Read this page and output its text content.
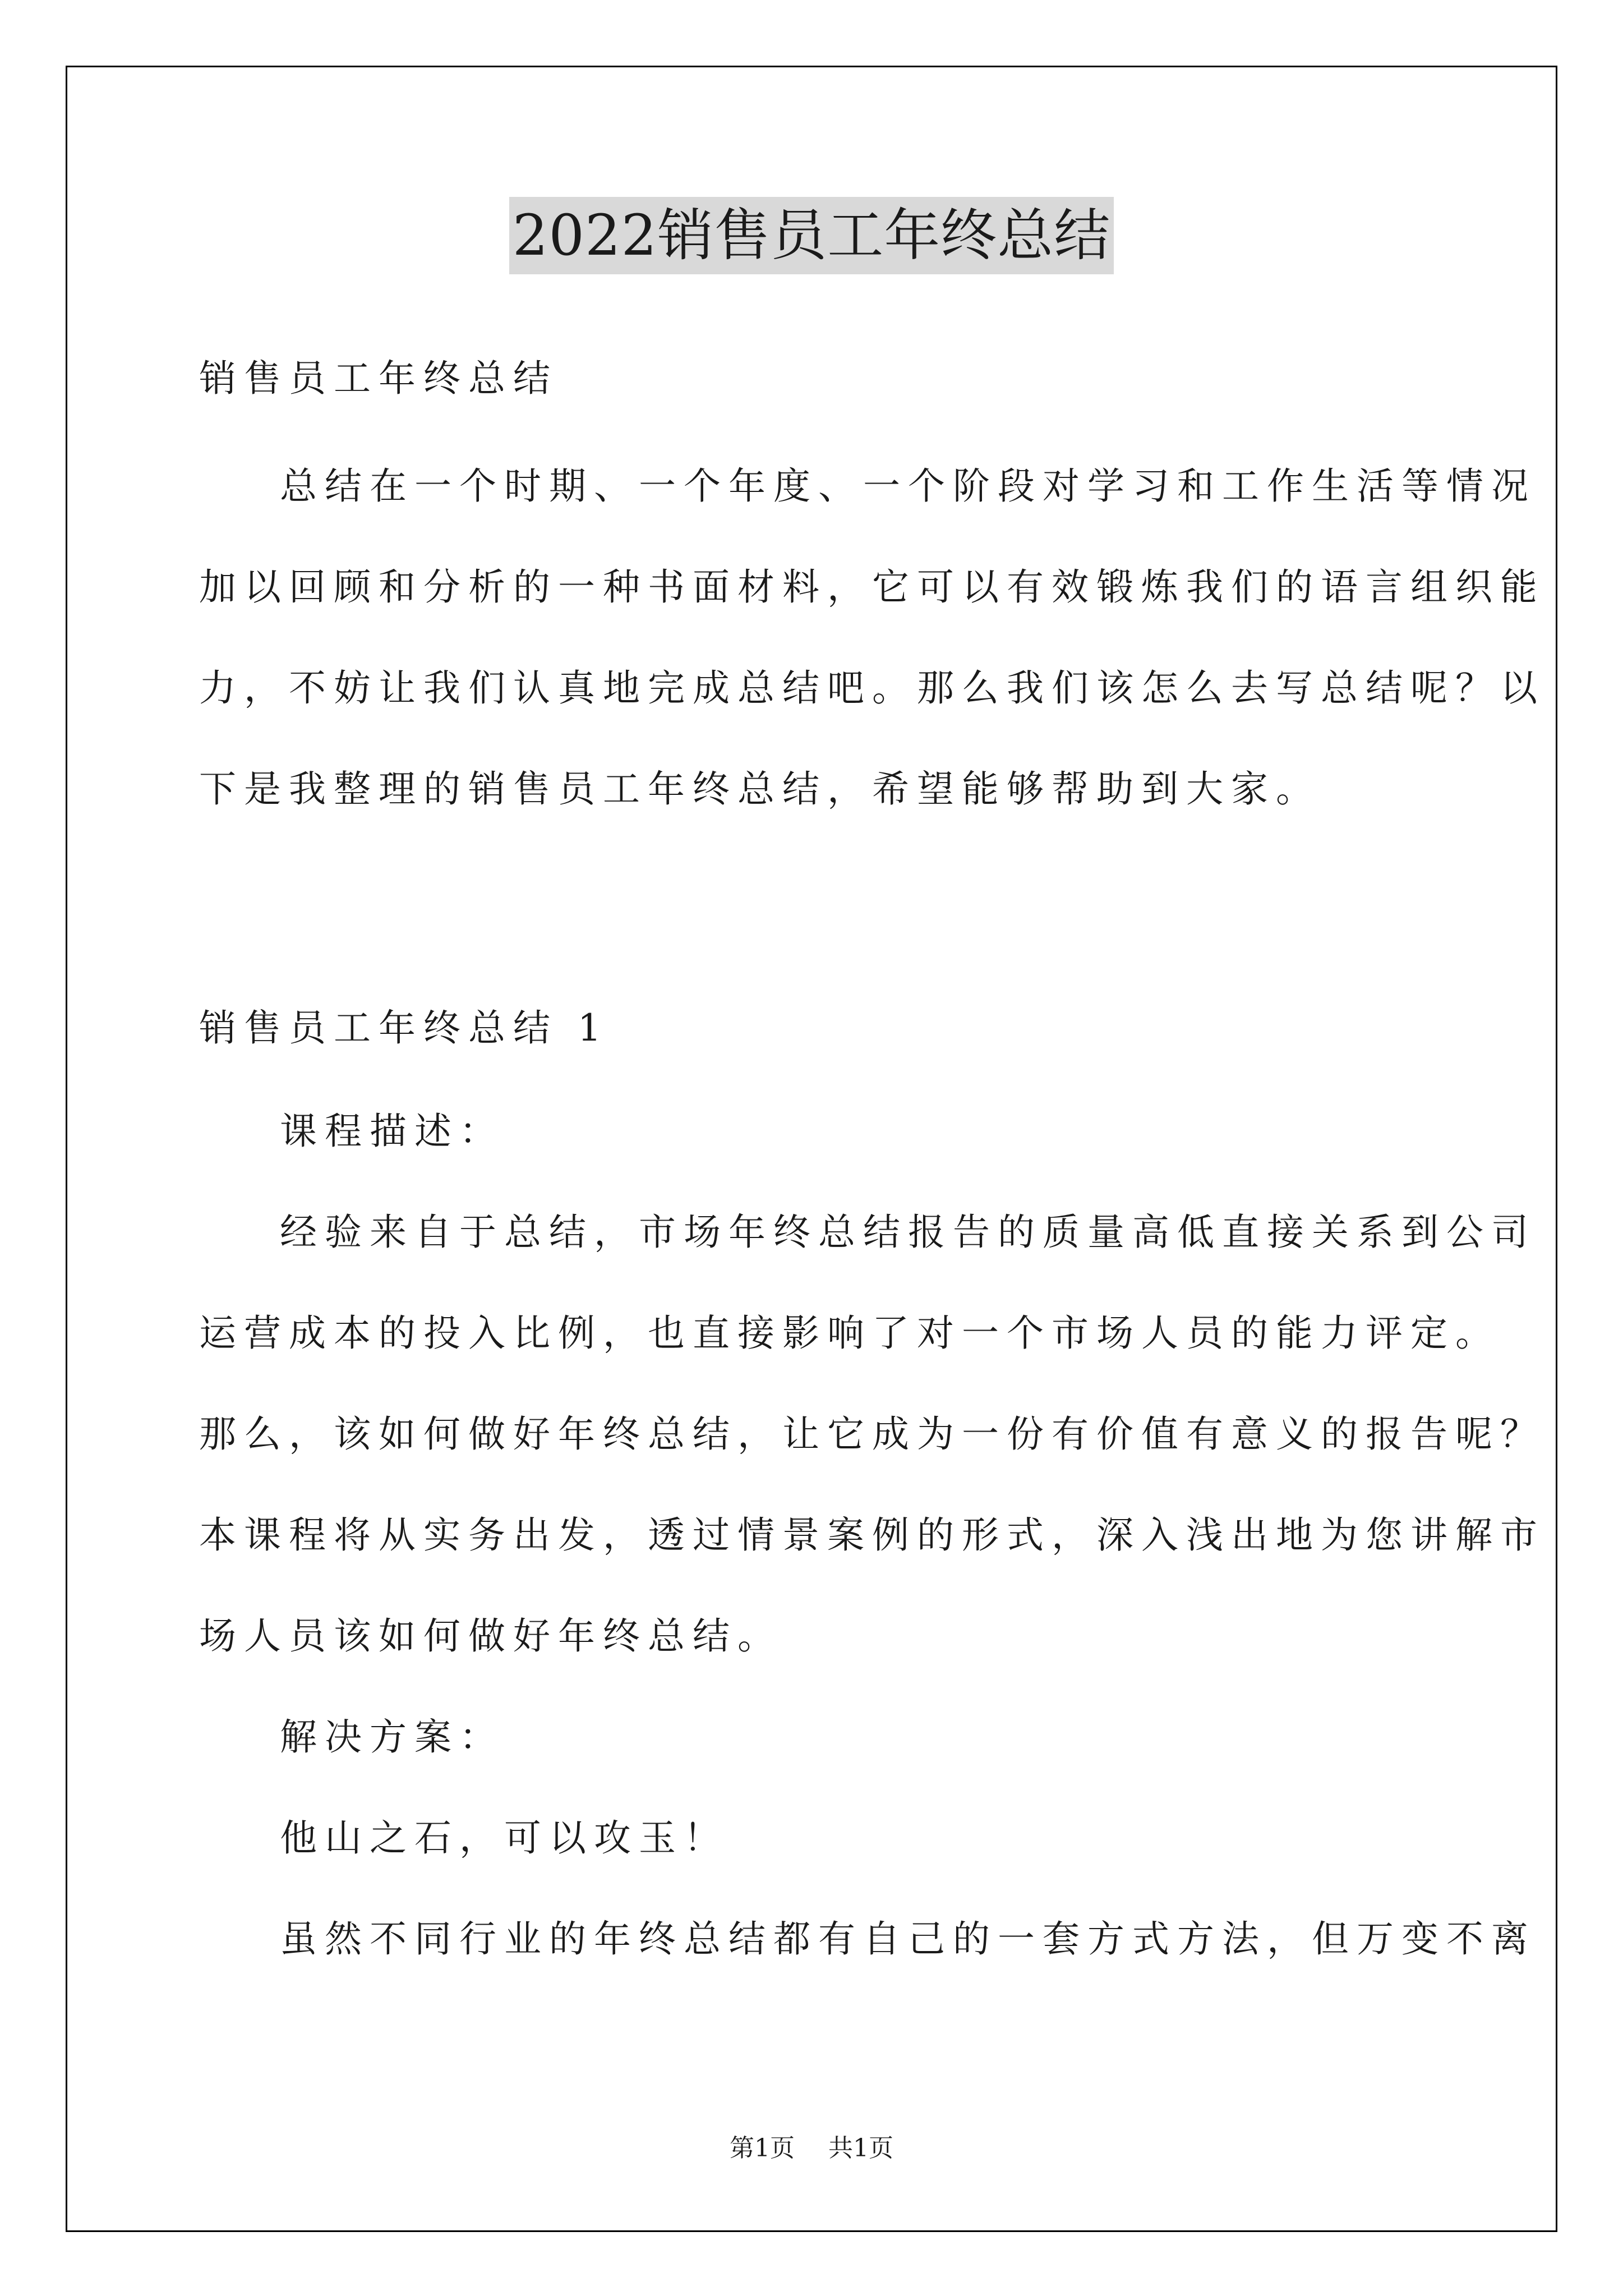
2022销售员工年终总结
销售员工年终总结
总结在一个时期、一个年度、一个阶段对学习和工作生活等情况
加以回顾和分析的一种书面材料，它可以有效锻炼我们的语言组织能
力，不妨让我们认真地完成总结吧。那么我们该怎么去写总结呢？以
下是我整理的销售员工年终总结，希望能够帮助到大家。
销售员工年终总结 1
课程描述：
经验来自于总结，市场年终总结报告的质量高低直接关系到公司
运营成本的投入比例，也直接影响了对一个市场人员的能力评定。
那么，该如何做好年终总结，让它成为一份有价值有意义的报告呢？
本课程将从实务出发，透过情景案例的形式，深入浅出地为您讲解市
场人员该如何做好年终总结。
解决方案：
他山之石，可以攻玉！
虽然不同行业的年终总结都有自己的一套方式方法，但万变不离
第1页 共1页
